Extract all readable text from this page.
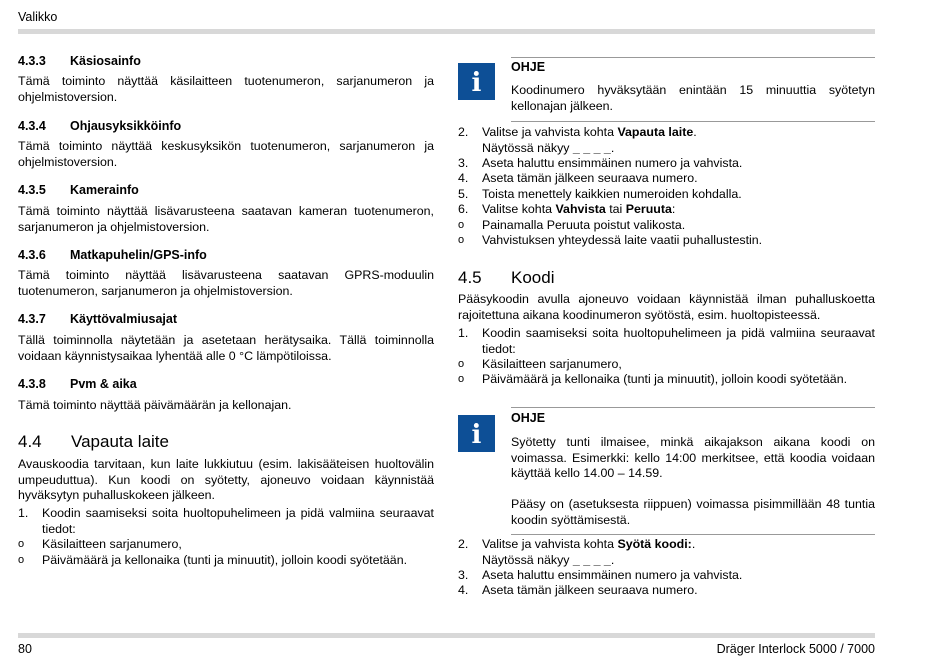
Valikko
4.3.3 Käsiosainfo
Tämä toiminto näyttää käsilaitteen tuotenumeron, sarjanumeron ja ohjelmistoversion.
4.3.4 Ohjausyksikköinfo
Tämä toiminto näyttää keskusyksikön tuotenumeron, sarjanumeron ja ohjelmistoversion.
4.3.5 Kamerainfo
Tämä toiminto näyttää lisävarusteena saatavan kameran tuotenumeron, sarjanumeron ja ohjelmistoversion.
4.3.6 Matkapuhelin/GPS-info
Tämä toiminto näyttää lisävarusteena saatavan GPRS-moduulin tuotenumeron, sarjanumeron ja ohjelmistoversion.
4.3.7 Käyttövalmiusajat
Tällä toiminnolla näytetään ja asetetaan herätysaika. Tällä toiminnolla voidaan käynnistysaikaa lyhentää alle 0 °C lämpötiloissa.
4.3.8 Pvm & aika
Tämä toiminto näyttää päivämäärän ja kellonajan.
4.4 Vapauta laite
Avauskoodia tarvitaan, kun laite lukkiutuu (esim. lakisääteisen huoltovälin umpeuduttua). Kun koodi on syötetty, ajoneuvo voidaan käynnistää hyväksytyn puhalluskokeen jälkeen.
1. Koodin saamiseksi soita huoltopuhelimeen ja pidä valmiina seuraavat tiedot:
o Käsilaitteen sarjanumero,
o Päivämäärä ja kellonaika (tunti ja minuutit), jolloin koodi syötetään.
i
OHJE
Koodinumero hyväksytään enintään 15 minuuttia syötetyn kellonajan jälkeen.
2. Valitse ja vahvista kohta Vapauta laite.
Näytössä näkyy _ _ _ _.
3. Aseta haluttu ensimmäinen numero ja vahvista.
4. Aseta tämän jälkeen seuraava numero.
5. Toista menettely kaikkien numeroiden kohdalla.
6. Valitse kohta Vahvista tai Peruuta:
o Painamalla Peruuta poistut valikosta.
o Vahvistuksen yhteydessä laite vaatii puhallustestin.
4.5 Koodi
Pääsykoodin avulla ajoneuvo voidaan käynnistää ilman puhalluskoetta rajoitettuna aikana koodinumeron syötöstä, esim. huoltopisteessä.
1. Koodin saamiseksi soita huoltopuhelimeen ja pidä valmiina seuraavat tiedot:
o Käsilaitteen sarjanumero,
o Päivämäärä ja kellonaika (tunti ja minuutit), jolloin koodi syötetään.
i
OHJE
Syötetty tunti ilmaisee, minkä aikajakson aikana koodi on voimassa. Esimerkki: kello 14:00 merkitsee, että koodia voidaan käyttää kello 14.00 – 14.59.
Pääsy on (asetuksesta riippuen) voimassa pisimmillään 48 tuntia koodin syöttämisestä.
2. Valitse ja vahvista kohta Syötä koodi:.
Näytössä näkyy _ _ _ _.
3. Aseta haluttu ensimmäinen numero ja vahvista.
4. Aseta tämän jälkeen seuraava numero.
80	Dräger Interlock 5000 / 7000
